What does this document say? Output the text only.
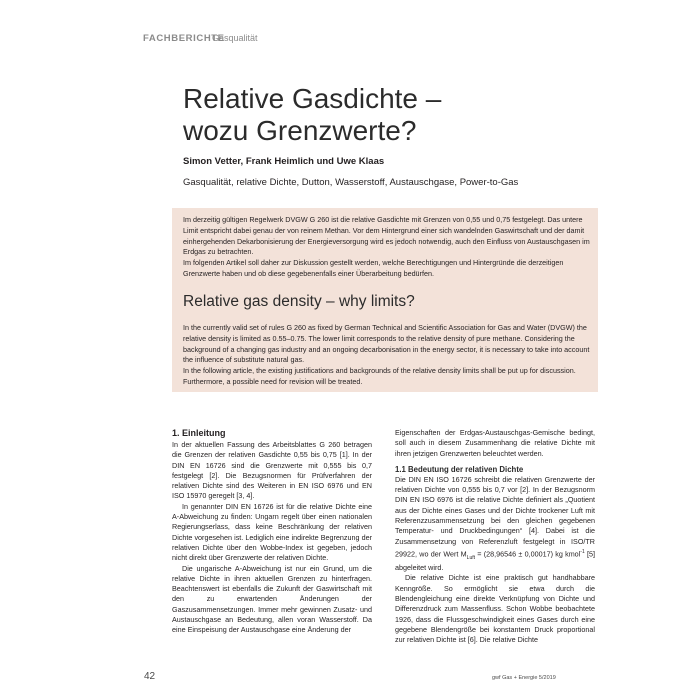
FACHBERICHTE
Gasqualität
Relative Gasdichte –
wozu Grenzwerte?
Simon Vetter, Frank Heimlich und Uwe Klaas
Gasqualität, relative Dichte, Dutton, Wasserstoff, Austauschgase, Power-to-Gas
Im derzeitig gültigen Regelwerk DVGW G 260 ist die relative Gasdichte mit Grenzen von 0,55 und 0,75 festgelegt. Das untere Limit entspricht dabei genau der von reinem Methan. Vor dem Hintergrund einer sich wandelnden Gaswirtschaft und der damit einhergehenden Dekarbonisierung der Energieversorgung wird es jedoch notwendig, auch den Einfluss von Austauschgasen im Erdgas zu betrachten.
Im folgenden Artikel soll daher zur Diskussion gestellt werden, welche Berechtigungen und Hintergründe die derzeitigen Grenzwerte haben und ob diese gegebenenfalls einer Überarbeitung bedürfen.
Relative gas density – why limits?
In the currently valid set of rules G 260 as fixed by German Technical and Scientific Association for Gas and Water (DVGW) the relative density is limited as 0.55–0.75. The lower limit corresponds to the relative density of pure methane. Considering the background of a changing gas industry and an ongoing decarbonisation in the energy sector, it is necessary to take into account the influence of substitute natural gas.
In the following article, the existing justifications and backgrounds of the relative density limits shall be put up for discussion. Furthermore, a possible need for revision will be treated.
1. Einleitung

In der aktuellen Fassung des Arbeitsblattes G 260 betragen die Grenzen der relativen Gasdichte 0,55 bis 0,75 [1]. In der DIN EN 16726 sind die Grenzwerte mit 0,555 bis 0,7 festgelegt [2]. Die Bezugsnormen für Prüfverfahren der relativen Dichte sind des Weiteren in EN ISO 6976 und EN ISO 15970 geregelt [3, 4].

In genannter DIN EN 16726 ist für die relative Dichte eine A-Abweichung zu finden: Ungarn regelt über einen nationalen Regierungserlass, dass keine Beschränkung der relativen Dichte vorgesehen ist. Lediglich eine indirekte Begrenzung der relativen Dichte über den Wobbe-Index ist gegeben, jedoch nicht direkt über Grenzwerte der relativen Dichte.

Die ungarische A-Abweichung ist nur ein Grund, um die relative Dichte in ihren aktuellen Grenzen zu hinterfragen. Beachtenswert ist ebenfalls die Zukunft der Gaswirtschaft mit den zu erwartenden Änderungen der Gaszusammensetzungen. Immer mehr gewinnen Zusatz- und Austauschgase an Bedeutung, allen voran Wasserstoff. Da eine Einspeisung der Austauschgase eine Änderung der

Eigenschaften der Erdgas-Austauschgas-Gemische bedingt, soll auch in diesem Zusammenhang die relative Dichte mit ihren jetzigen Grenzwerten beleuchtet werden.

1.1 Bedeutung der relativen Dichte

Die DIN EN ISO 16726 schreibt die relativen Grenzwerte der relativen Dichte von 0,555 bis 0,7 vor [2]. In der Bezugsnorm DIN EN ISO 6976 ist die relative Dichte definiert als „Quotient aus der Dichte eines Gases und der Dichte trockener Luft mit Referenzzusammensetzung bei den gleichen gegebenen Temperatur- und Druckbedingungen“ [4]. Dabei ist die Zusammensetzung von Referenzluft festgelegt in ISO/TR 29922, wo der Wert $M_{Luft} = (28,96546 \pm 0,00017)$ kg kmol$^{-1}$ [5] abgeleitet wird.

Die relative Dichte ist eine praktisch gut handhabbare Kenngröße. So ermöglicht sie etwa durch die Blendengleichung eine direkte Verknüpfung von Dichte und Differenzdruck zum Massenfluss. Schon Wobbe beobachtete 1926, dass die Flussgeschwindigkeit eines Gases durch eine gegebene Blendengröße bei konstantem Druck proportional zur relativen Dichte ist [6]. Die relative Dichte

42	gwf Gas + Energie 5/2019
